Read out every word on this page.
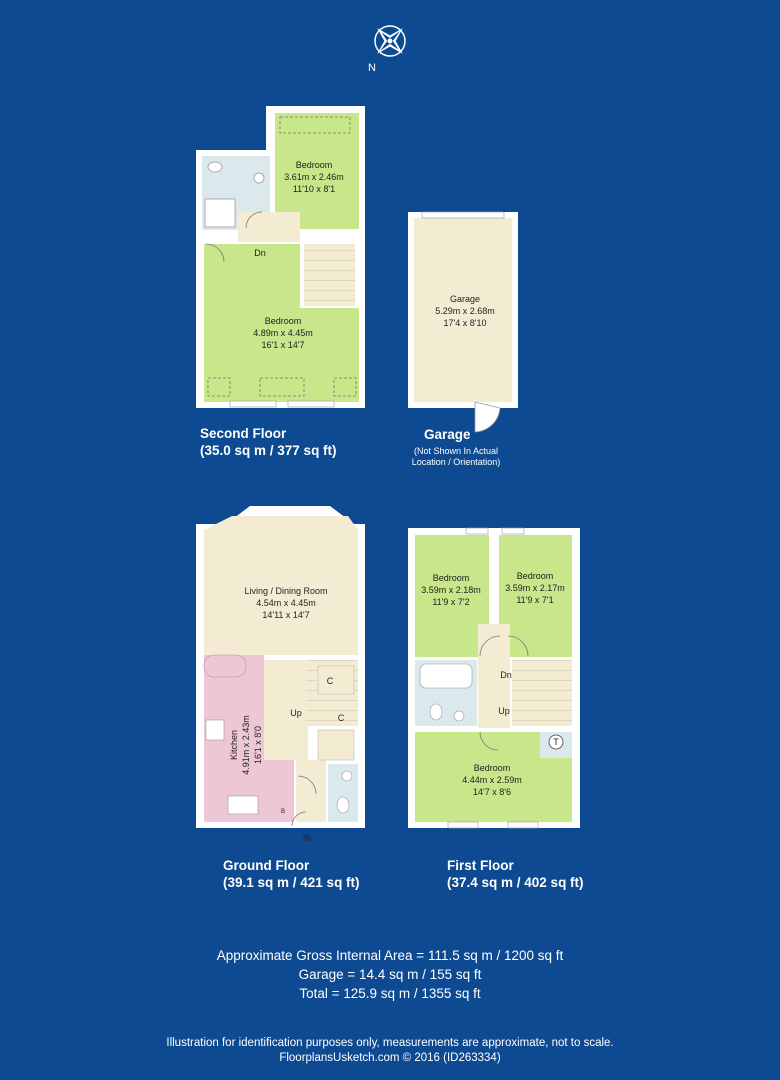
N
Bedroom
3.61m x 2.46m
11'10 x 8'1
Dn
Bedroom
4.89m x 4.45m
16'1 x 14'7
Garage
5.29m x 2.68m
17'4 x 8'10
Living / Dining Room
4.54m x 4.45m
14'11 x 14'7
Kitchen 4.91m x 2.43m 16'1 x 8'0
Up
C
C
B
IN
Bedroom
3.59m x 2.18m
11'9 x 7'2
Bedroom
3.59m x 2.17m
11'9 x 7'1
Dn
Up
T
Bedroom
4.44m x 2.59m
14'7 x 8'6
Second Floor
(35.0 sq m / 377 sq ft)
Garage
(Not Shown In Actual
Location / Orientation)
Ground Floor
(39.1 sq m / 421 sq ft)
First Floor
(37.4 sq m / 402 sq ft)
Approximate Gross Internal Area = 111.5 sq m / 1200 sq ft
Garage = 14.4 sq m / 155 sq ft
Total = 125.9 sq m / 1355 sq ft
Illustration for identification purposes only, measurements are approximate, not to scale.
FloorplansUsketch.com © 2016 (ID263334)
